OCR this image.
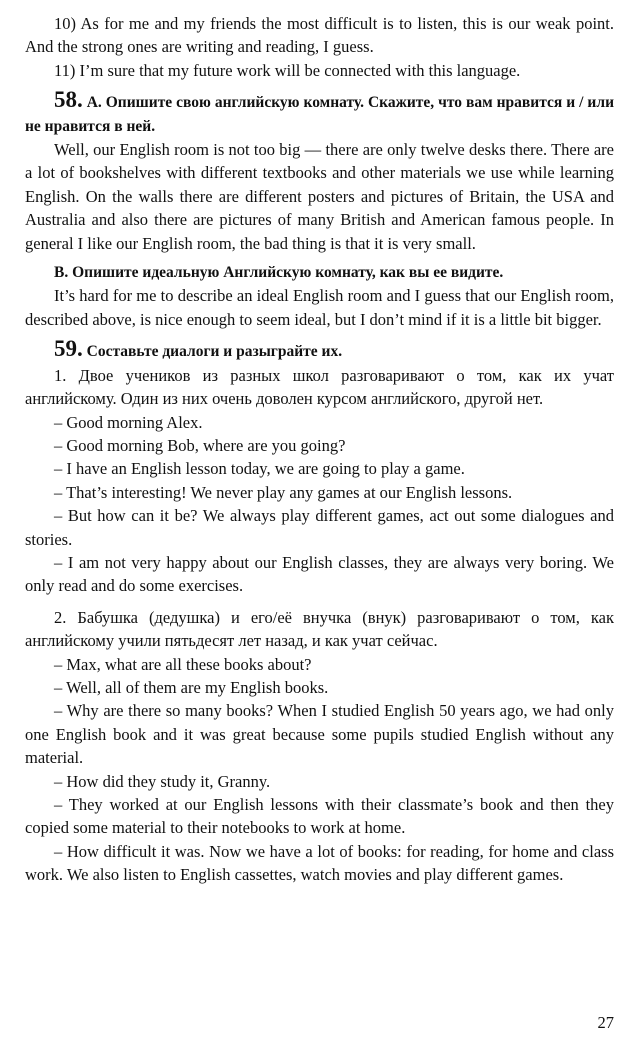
10) As for me and my friends the most difficult is to listen, this is our weak point. And the strong ones are writing and reading, I guess.

11) I’m sure that my future work will be connected with this language.

58. А. Опишите свою английскую комнату. Скажите, что вам нравится и / или не нравится в ней.

Well, our English room is not too big — there are only twelve desks there. There are a lot of bookshelves with different textbooks and other materials we use while learning English. On the walls there are different posters and pictures of Britain, the USA and Australia and also there are pictures of many British and American famous people. In general I like our English room, the bad thing is that it is very small.

B. Опишите идеальную Английскую комнату, как вы ее видите.

It’s hard for me to describe an ideal English room and I guess that our English room, described above, is nice enough to seem ideal, but I don’t mind if it is a little bit bigger.

59. Составьте диалоги и разыграйте их.

1. Двое учеников из разных школ разговаривают о том, как их учат английскому. Один из них очень доволен курсом английского, другой нет.

– Good morning Alex.

– Good morning Bob, where are you going?

– I have an English lesson today, we are going to play a game.

– That’s interesting! We never play any games at our English lessons.

– But how can it be? We always play different games, act out some dialogues and stories.

– I am not very happy about our English classes, they are always very boring. We only read and do some exercises.

2. Бабушка (дедушка) и его/её внучка (внук) разговаривают о том, как английскому учили пятьдесят лет назад, и как учат сейчас.

– Max, what are all these books about?

– Well, all of them are my English books.

– Why are there so many books? When I studied English 50 years ago, we had only one English book and it was great because some pupils studied English without any material.

– How did they study it, Granny.

– They worked at our English lessons with their classmate’s book and then they copied some material to their notebooks to work at home.

– How difficult it was. Now we have a lot of books: for reading, for home and class work. We also listen to English cassettes, watch movies and play different games.

27
